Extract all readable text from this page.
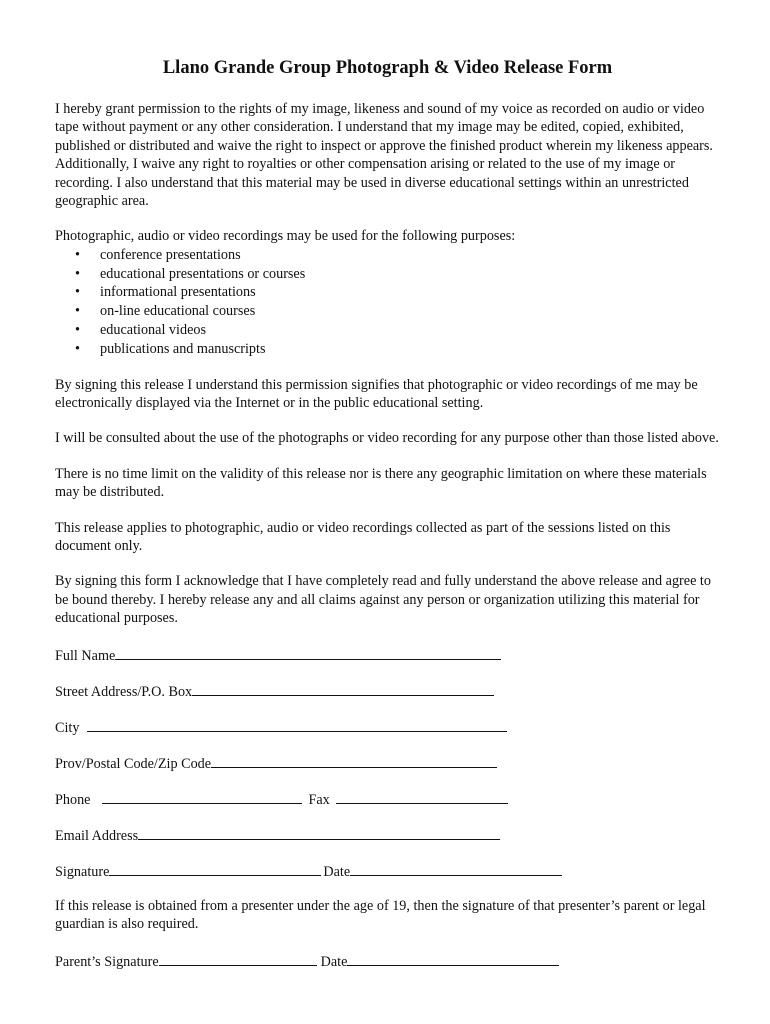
Llano Grande Group Photograph & Video Release Form

I hereby grant permission to the rights of my image, likeness and sound of my voice as recorded on audio or video tape without payment or any other consideration. I understand that my image may be edited, copied, exhibited, published or distributed and waive the right to inspect or approve the finished product wherein my likeness appears. Additionally, I waive any right to royalties or other compensation arising or related to the use of my image or recording. I also understand that this material may be used in diverse educational settings within an unrestricted geographic area.

Photographic, audio or video recordings may be used for the following purposes:

• conference presentations
• educational presentations or courses
• informational presentations
• on-line educational courses
• educational videos
• publications and manuscripts

By signing this release I understand this permission signifies that photographic or video recordings of me may be electronically displayed via the Internet or in the public educational setting.

I will be consulted about the use of the photographs or video recording for any purpose other than those listed above.

There is no time limit on the validity of this release nor is there any geographic limitation on where these materials may be distributed.

This release applies to photographic, audio or video recordings collected as part of the sessions listed on this document only.

By signing this form I acknowledge that I have completely read and fully understand the above release and agree to be bound thereby. I hereby release any and all claims against any person or organization utilizing this material for educational purposes.

Full Name
Street Address/P.O. Box
City
Prov/Postal Code/Zip Code
Phone	Fax
Email Address
Signature	Date

If this release is obtained from a presenter under the age of 19, then the signature of that presenter’s parent or legal guardian is also required.

Parent’s Signature	Date
